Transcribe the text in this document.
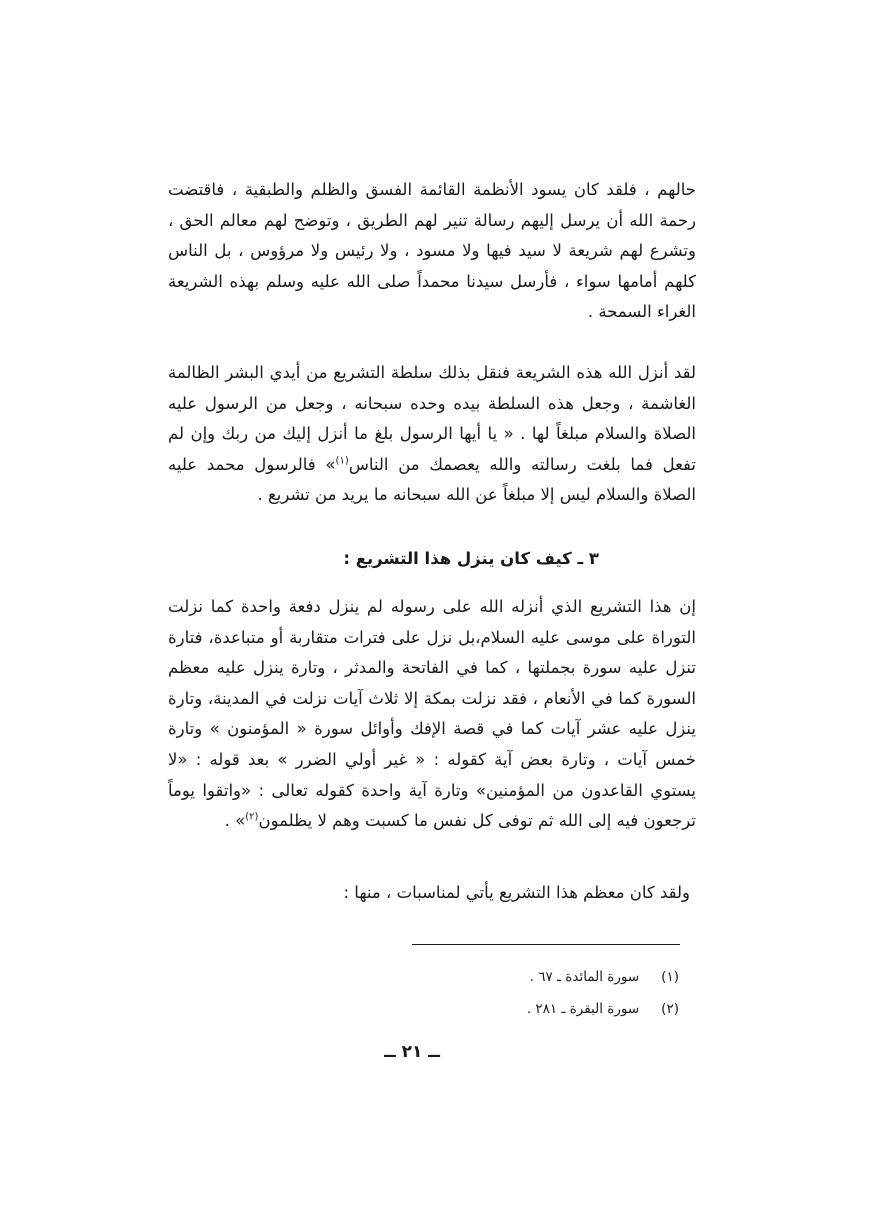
حالهم ، فلقد كان يسود الأنظمة القائمة الفسق والظلم والطبقية ، فاقتضت رحمة الله أن يرسل إليهم رسالة تنير لهم الطريق ، وتوضح لهم معالم الحق ، وتشرع لهم شريعة لا سيد فيها ولا مسود ، ولا رئيس ولا مرؤوس ، بل الناس كلهم أمامها سواء ، فأرسل سيدنا محمداً صلى الله عليه وسلم بهذه الشريعة الغراء السمحة .

لقد أنزل الله هذه الشريعة فنقل بذلك سلطة التشريع من أيدي البشر الظالمة الغاشمة ، وجعل هذه السلطة بيده وحده سبحانه ، وجعل من الرسول عليه الصلاة والسلام مبلغاً لها . « يا أيها الرسول بلغ ما أنزل إليك من ربك وإن لم تفعل فما بلغت رسالته والله يعصمك من الناس$^{(١)}$» فالرسول محمد عليه الصلاة والسلام ليس إلا مبلغاً عن الله سبحانه ما يريد من تشريع .

٣ ـ كيف كان ينزل هذا التشريع :

إن هذا التشريع الذي أنزله الله على رسوله لم ينزل دفعة واحدة كما نزلت التوراة على موسى عليه السلام،بل نزل على فترات متقاربة أو متباعدة، فتارة تنزل عليه سورة بجملتها ، كما في الفاتحة والمدثر ، وتارة ينزل عليه معظم السورة كما في الأنعام ، فقد نزلت بمكة إلا ثلاث آيات نزلت في المدينة، وتارة ينزل عليه عشر آيات كما في قصة الإفك وأوائل سورة « المؤمنون » وتارة خمس آيات ، وتارة بعض آية كقوله : « غير أولي الضرر » بعد قوله : «لا يستوي القاعدون من المؤمنين» وتارة آية واحدة كقوله تعالى : «واتقوا يوماً ترجعون فيه إلى الله ثم توفى كل نفس ما كسبت وهم لا يظلمون$^{(٢)}$» .

ولقد كان معظم هذا التشريع يأتي لمناسبات ، منها :

(١)سورة المائدة ـ ٦٧ .
(٢)سورة البقرة ـ ٢٨١ .
ــ ٢١ ــ
